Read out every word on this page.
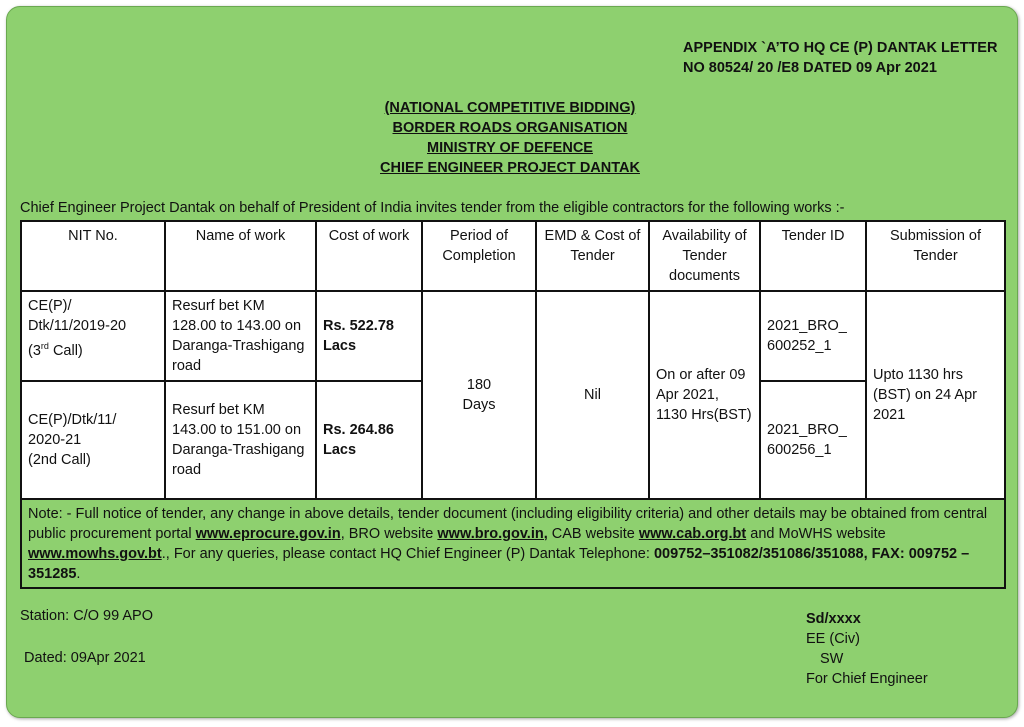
APPENDIX `A’TO HQ CE (P) DANTAK LETTER
NO 80524/ 20 /E8 DATED 09 Apr 2021
(NATIONAL COMPETITIVE BIDDING)
BORDER ROADS ORGANISATION
MINISTRY OF DEFENCE
CHIEF ENGINEER PROJECT DANTAK
Chief Engineer Project Dantak on behalf of President of India invites tender from the eligible contractors for the following works :-
NIT No.	Name of work	Cost of work	Period of Completion	EMD & Cost of Tender	Availability of Tender documents	Tender ID	Submission of Tender

CE(P)/
Dtk/11/2019-20
(3rd Call)	Resurf bet KM 128.00 to 143.00 on Daranga-Trashigang road	Rs. 522.78 Lacs	180 Days	Nil	On or after 09 Apr 2021, 1130 Hrs(BST)	2021_BRO_ 600252_1	Upto 1130 hrs (BST) on 24 Apr 2021

CE(P)/Dtk/11/
2020-21
(2nd Call)	Resurf bet KM 143.00 to 151.00 on Daranga-Trashigang road	Rs. 264.86 Lacs				2021_BRO_ 600256_1	
Note: - Full notice of tender, any change in above details, tender document (including eligibility criteria) and other details may be obtained from central public procurement portal www.eprocure.gov.in, BRO website www.bro.gov.in, CAB website www.cab.org.bt and MoWHS website www.mowhs.gov.bt., For any queries, please contact HQ Chief Engineer (P) Dantak Telephone: 009752–351082/351086/351088, FAX: 009752 –351285.							
Station: C/O 99 APO
Dated: 09Apr 2021
Sd/xxxx
EE (Civ)
SW
For Chief Engineer
